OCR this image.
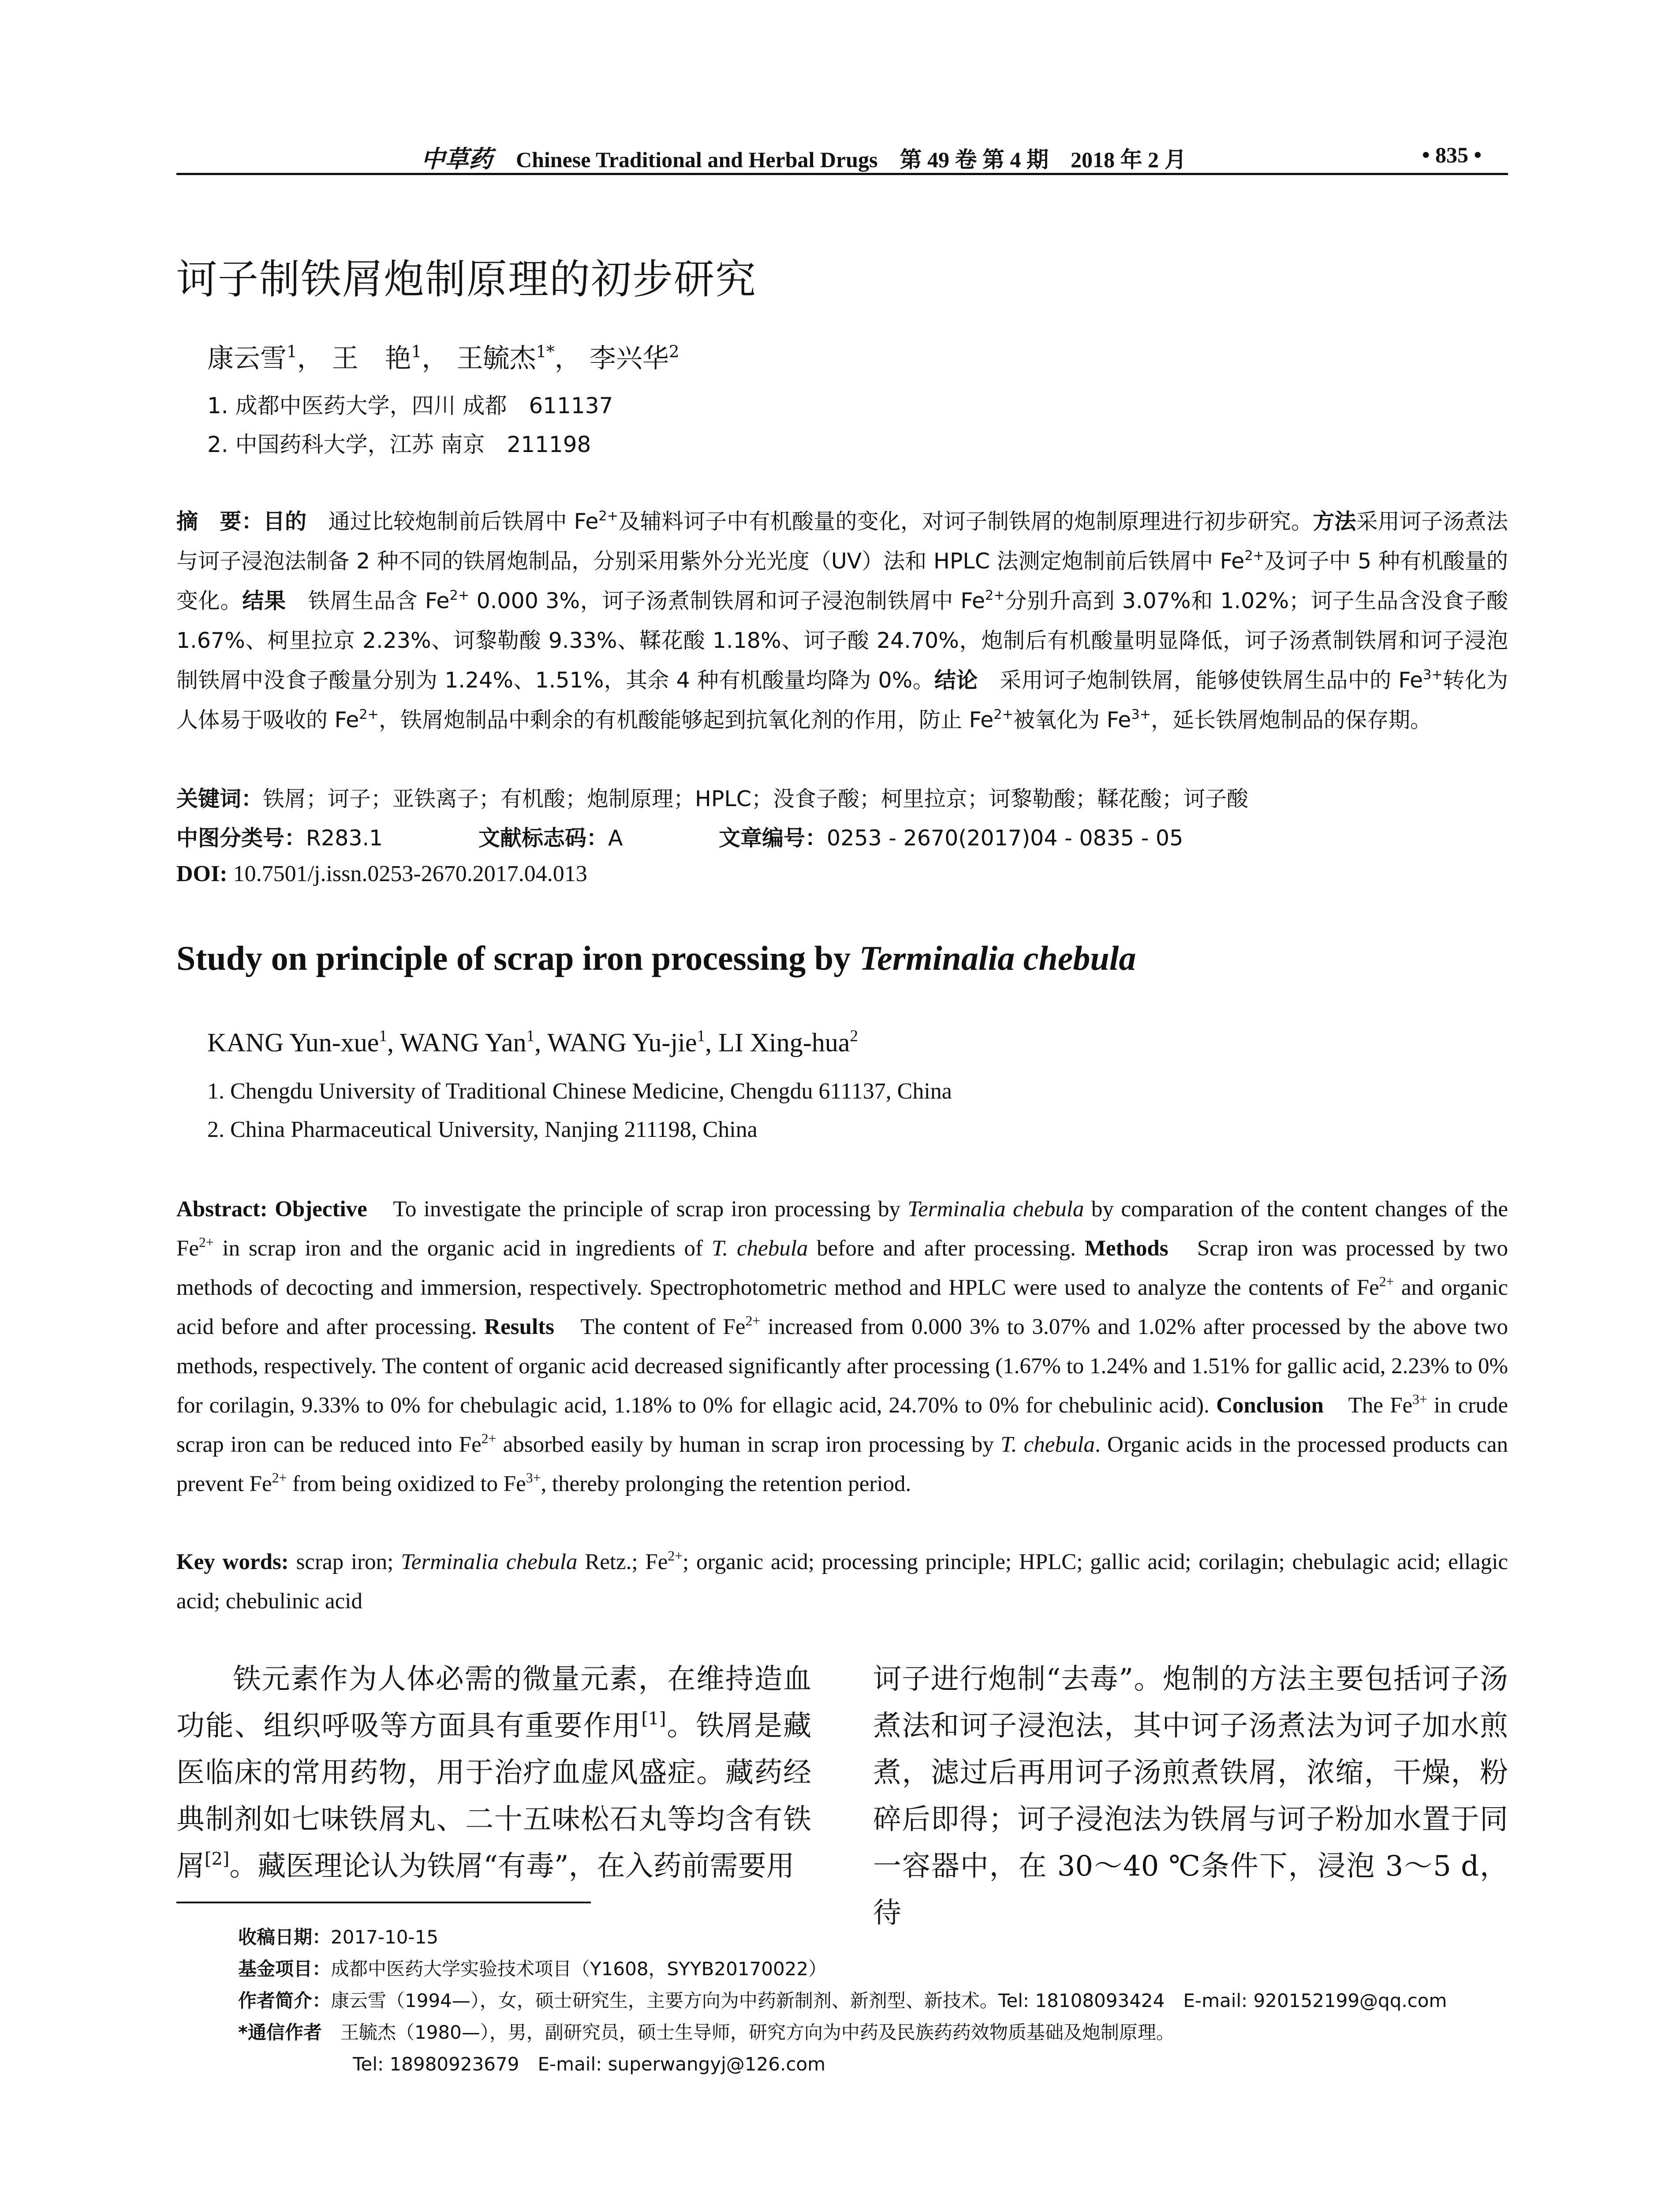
中草药 Chinese Traditional and Herbal Drugs　第 49 卷 第 4 期　2018 年 2 月	• 835 •
诃子制铁屑炮制原理的初步研究
康云雪$^1$， 王　艳$^1$， 王毓杰$^{1*}$， 李兴华$^2$
1. 成都中医药大学，四川 成都　611137
2. 中国药科大学，江苏 南京　211198
摘　要：目的　 通过比较炮制前后铁屑中 $Fe^{2+}$及辅料诃子中有机酸量的变化，对诃子制铁屑的炮制原理进行初步研究。方法采用诃子汤煮法与诃子浸泡法制备 2 种不同的铁屑炮制品，分别采用紫外分光光度（UV）法和 HPLC 法测定炮制前后铁屑中 $Fe^{2+}$及诃子中 5 种有机酸量的变化。结果　 铁屑生品含 $Fe^{2+}$ 0.000 3%，诃子汤煮制铁屑和诃子浸泡制铁屑中 $Fe^{2+}$分别升高到 3.07%和 1.02%；诃子生品含没食子酸 1.67%、柯里拉京 2.23%、诃黎勒酸 9.33%、鞣花酸 1.18%、诃子酸 24.70%，炮制后有机酸量明显降低，诃子汤煮制铁屑和诃子浸泡制铁屑中没食子酸量分别为 1.24%、1.51%，其余 4 种有机酸量均降为 0%。结论　 采用诃子炮制铁屑，能够使铁屑生品中的 $Fe^{3+}$转化为人体易于吸收的 $Fe^{2+}$，铁屑炮制品中剩余的有机酸能够起到抗氧化剂的作用，防止 $Fe^{2+}$被氧化为 $Fe^{3+}$，延长铁屑炮制品的保存期。
关键词：铁屑；诃子；亚铁离子；有机酸；炮制原理；HPLC；没食子酸；柯里拉京；诃黎勒酸；鞣花酸；诃子酸
中图分类号：R283.1	文献标志码：A	文章编号：0253 - 2670(2017)04 - 0835 - 05
DOI: 10.7501/j.issn.0253-2670.2017.04.013
Study on principle of scrap iron processing by Terminalia chebula
KANG Yun-xue$^1$, WANG Yan$^1$, WANG Yu-jie$^1$, LI Xing-hua$^2$
1. Chengdu University of Traditional Chinese Medicine, Chengdu 611137, China
2. China Pharmaceutical University, Nanjing 211198, China
Abstract: Objective　To investigate the principle of scrap iron processing by Terminalia chebula by comparation of the content changes of the $Fe^{2+}$ in scrap iron and the organic acid in ingredients of T. chebula before and after processing. Methods　Scrap iron was processed by two methods of decocting and immersion, respectively. Spectrophotometric method and HPLC were used to analyze the contents of $Fe^{2+}$ and organic acid before and after processing. Results　The content of $Fe^{2+}$ increased from 0.000 3% to 3.07% and 1.02% after processed by the above two methods, respectively. The content of organic acid decreased significantly after processing (1.67% to 1.24% and 1.51% for gallic acid, 2.23% to 0% for corilagin, 9.33% to 0% for chebulagic acid, 1.18% to 0% for ellagic acid, 24.70% to 0% for chebulinic acid). Conclusion　The $Fe^{3+}$ in crude scrap iron can be reduced into $Fe^{2+}$ absorbed easily by human in scrap iron processing by T. chebula. Organic acids in the processed products can prevent $Fe^{2+}$ from being oxidized to $Fe^{3+}$, thereby prolonging the retention period.
Key words: scrap iron; Terminalia chebula Retz.; $Fe^{2+}$; organic acid; processing principle; HPLC; gallic acid; corilagin; chebulagic acid; ellagic acid; chebulinic acid
铁元素作为人体必需的微量元素，在维持造血功能、组织呼吸等方面具有重要作用[1]。铁屑是藏医临床的常用药物，用于治疗血虚风盛症。藏药经典制剂如七味铁屑丸、二十五味松石丸等均含有铁屑[2]。藏医理论认为铁屑“有毒”，在入药前需要用
诃子进行炮制“去毒”。炮制的方法主要包括诃子汤煮法和诃子浸泡法，其中诃子汤煮法为诃子加水煎煮，滤过后再用诃子汤煎煮铁屑，浓缩，干燥，粉碎后即得；诃子浸泡法为铁屑与诃子粉加水置于同一容器中，在 30～40 ℃条件下，浸泡 3～5 d，待
收稿日期：2017-10-15
基金项目：成都中医药大学实验技术项目（Y1608，SYYB20170022）
作者简介：康云雪（1994—），女，硕士研究生，主要方向为中药新制剂、新剂型、新技术。Tel: 18108093424　E-mail: 920152199@qq.com
*通信作者　王毓杰（1980—），男，副研究员，硕士生导师，研究方向为中药及民族药药效物质基础及炮制原理。
Tel: 18980923679　E-mail: superwangyj@126.com
